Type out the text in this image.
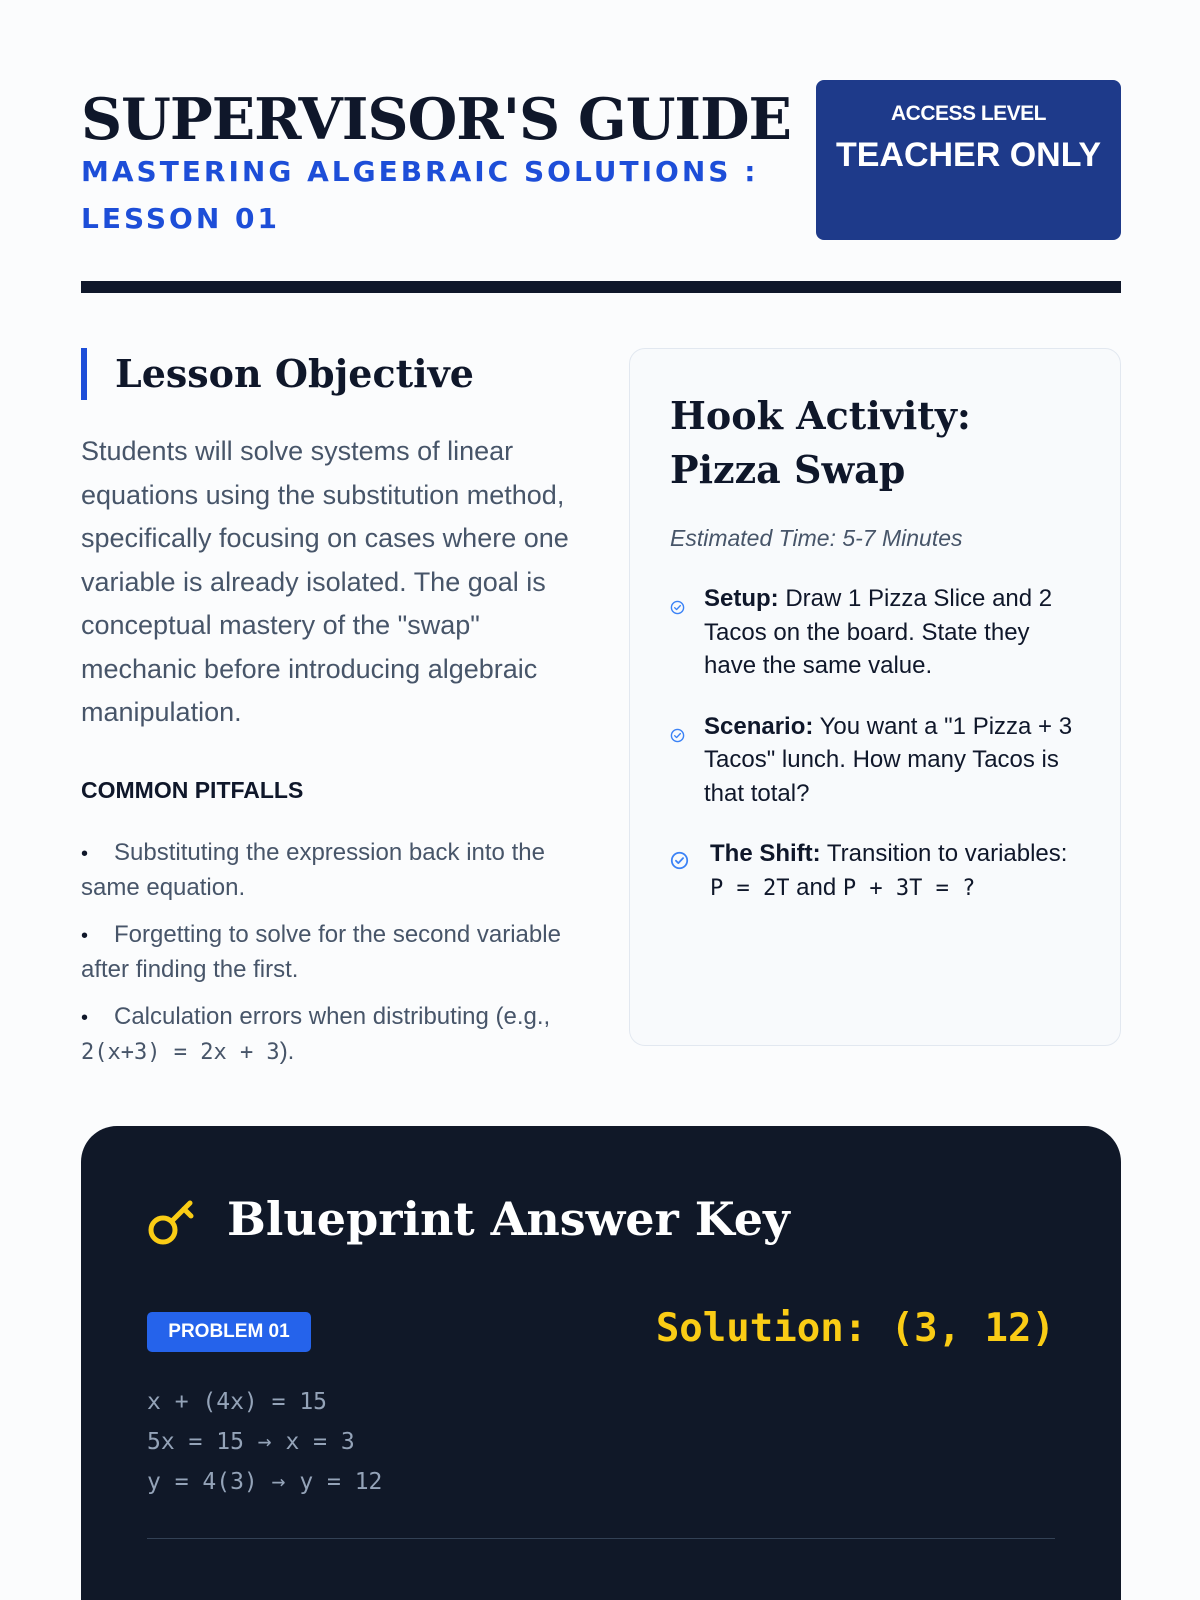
SUPERVISOR'S GUIDE
MASTERING ALGEBRAIC SOLUTIONS : LESSON 01
ACCESS LEVEL
TEACHER ONLY
Lesson Objective

Students will solve systems of linear equations using the substitution method, specifically focusing on cases where one variable is already isolated. The goal is conceptual mastery of the "swap" mechanic before introducing algebraic manipulation.

COMMON PITFALLS
• Substituting the expression back into the same equation.
• Forgetting to solve for the second variable after finding the first.
• Calculation errors when distributing (e.g., 2(x+3) = 2x + 3).
Hook Activity: Pizza Swap

Estimated Time: 5-7 Minutes

Setup: Draw 1 Pizza Slice and 2 Tacos on the board. State they have the same value.
Scenario: You want a "1 Pizza + 3 Tacos" lunch. How many Tacos is that total?
The Shift: Transition to variables: P = 2T and P + 3T = ?
Blueprint Answer Key
PROBLEM 01	Solution: (3, 12)
x + (4x) = 15
5x = 15 → x = 3
y = 4(3) → y = 12
